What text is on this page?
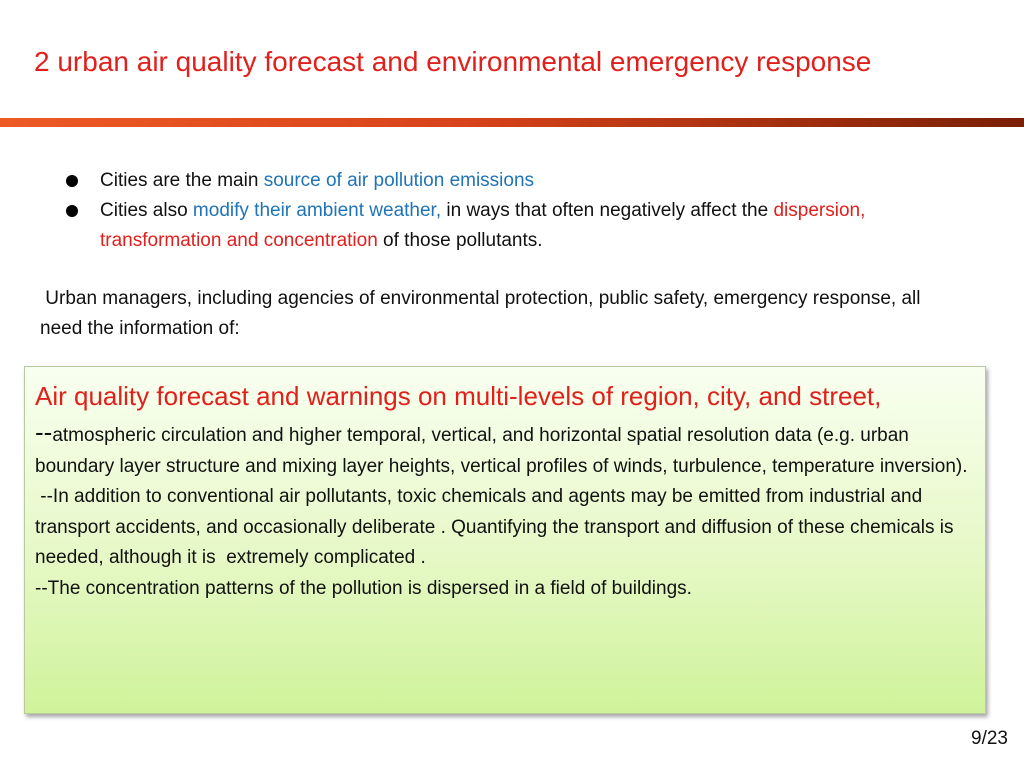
2 urban air quality forecast and environmental emergency response
Cities are the main source of air pollution emissions
Cities also modify their ambient weather, in ways that often negatively affect the dispersion, transformation and concentration of those pollutants.
Urban managers, including agencies of environmental protection, public safety, emergency response, all need the information of:
Air quality forecast and warnings on multi-levels of region, city, and street,
--atmospheric circulation and higher temporal, vertical, and horizontal spatial resolution data (e.g. urban boundary layer structure and mixing layer heights, vertical profiles of winds, turbulence, temperature inversion).
--In addition to conventional air pollutants, toxic chemicals and agents may be emitted from industrial and transport accidents, and occasionally deliberate . Quantifying the transport and diffusion of these chemicals is needed, although it is  extremely complicated .
--The concentration patterns of the pollution is dispersed in a field of buildings.
9/23
